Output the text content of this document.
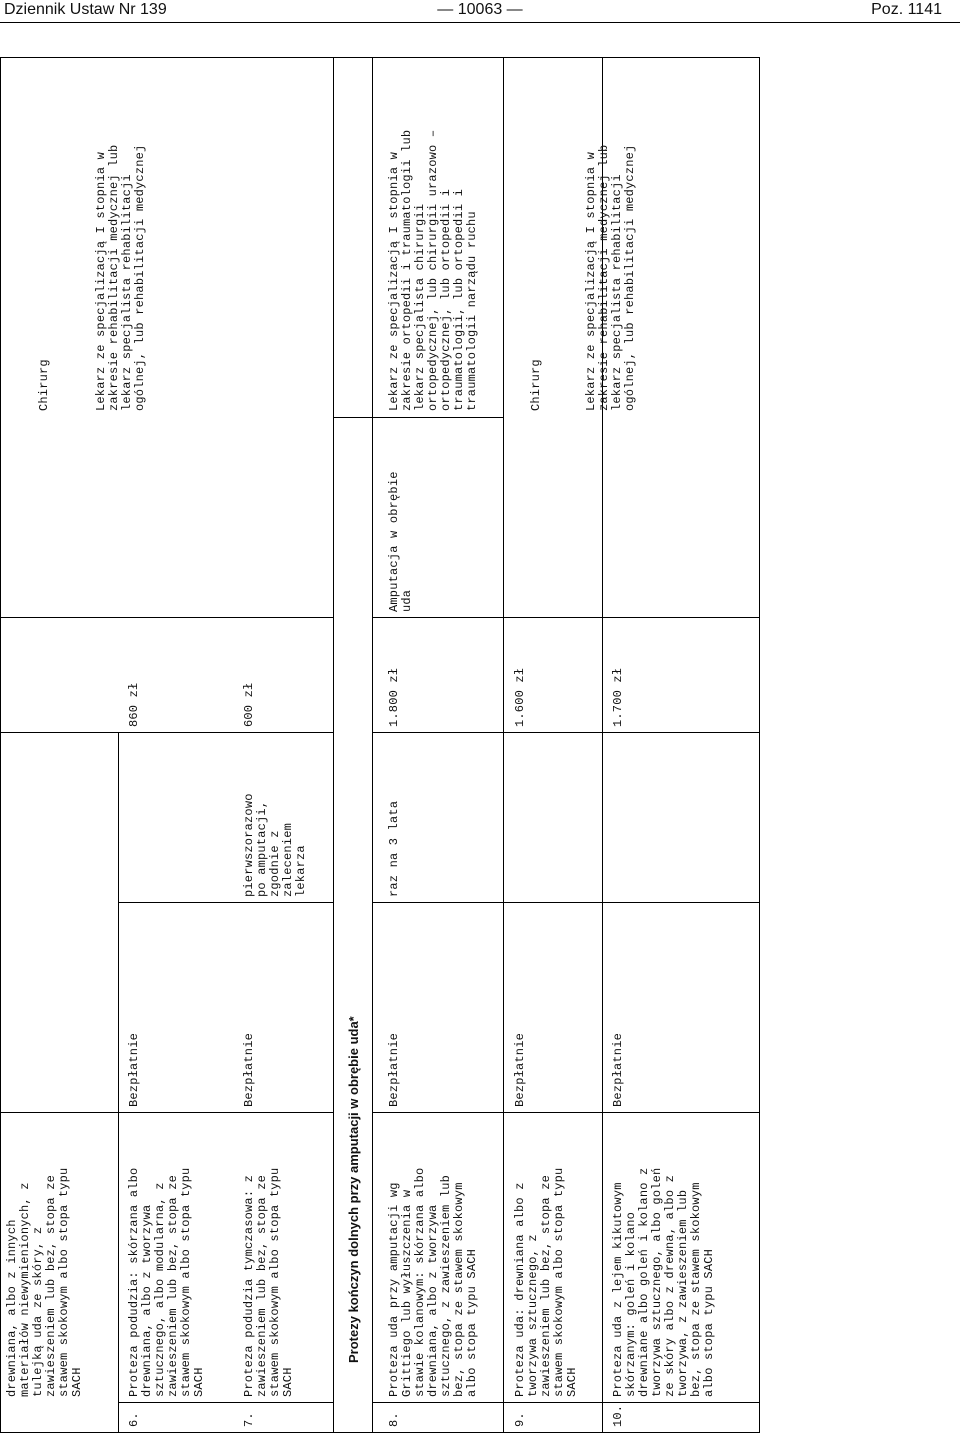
Dziennik Ustaw Nr 139	— 10063 —	Poz. 1141
drewniana, albo z innych
materiałów niewymienionych, z
tulejką uda ze skóry, z
zawieszeniem lub bez, stopa ze
stawem skokowym albo stopa typu
SACH
Chirurg
6.
Proteza podudzia: skórzana albo
drewniana, albo z tworzywa
sztucznego, albo modularna, z
zawieszeniem lub bez, stopa ze
stawem skokowym albo stopa typu
SACH
Bezpłatnie
860 zł
Lekarz ze specjalizacją I stopnia w
zakresie rehabilitacji medycznej lub
lekarz specjalista rehabilitacji
ogólnej, lub rehabilitacji medycznej
7.
Proteza podudzia tymczasowa: z
zawieszeniem lub bez, stopa ze
stawem skokowym albo stopa typu
SACH
Bezpłatnie
pierwszorazowo
po amputacji,
zgodnie z
zaleceniem
lekarza
600 zł
Protezy kończyn dolnych przy amputacji w obrębie uda*
8.
Proteza uda przy amputacji wg
Grittiego lub wyłuszczenia w
stawie kolanowym: skórzana albo
drewniana, albo z tworzywa
sztucznego, z zawieszeniem lub
bez, stopa ze stawem skokowym
albo stopa typu SACH
Bezpłatnie
raz na 3 lata
1.800 zł
Amputacja w obrębie
uda
Lekarz ze specjalizacją I stopnia w
zakresie ortopedii i traumatologii lub
lekarz specjalista chirurgii
ortopedycznej, lub chirurgii urazowo –
ortopedycznej, lub ortopedii i
traumatologii, lub ortopedii i
traumatologii narządu ruchu
9.
Proteza uda: drewniana albo z
tworzywa sztucznego, z
zawieszeniem lub bez, stopa ze
stawem skokowym albo stopa typu
SACH
Bezpłatnie
1.600 zł
Chirurg
10.
Proteza uda z lejem kikutowym
skórzanym: goleń i kolano
drewniane albo goleń i kolano z
tworzywa sztucznego, albo goleń
ze skóry albo z drewna, albo z
tworzywa, z zawieszeniem lub
bez, stopa ze stawem skokowym
albo stopa typu SACH
Bezpłatnie
1.700 zł
Lekarz ze specjalizacją I stopnia w
zakresie rehabilitacji medycznej lub
lekarz specjalista rehabilitacji
ogólnej, lub rehabilitacji medycznej
